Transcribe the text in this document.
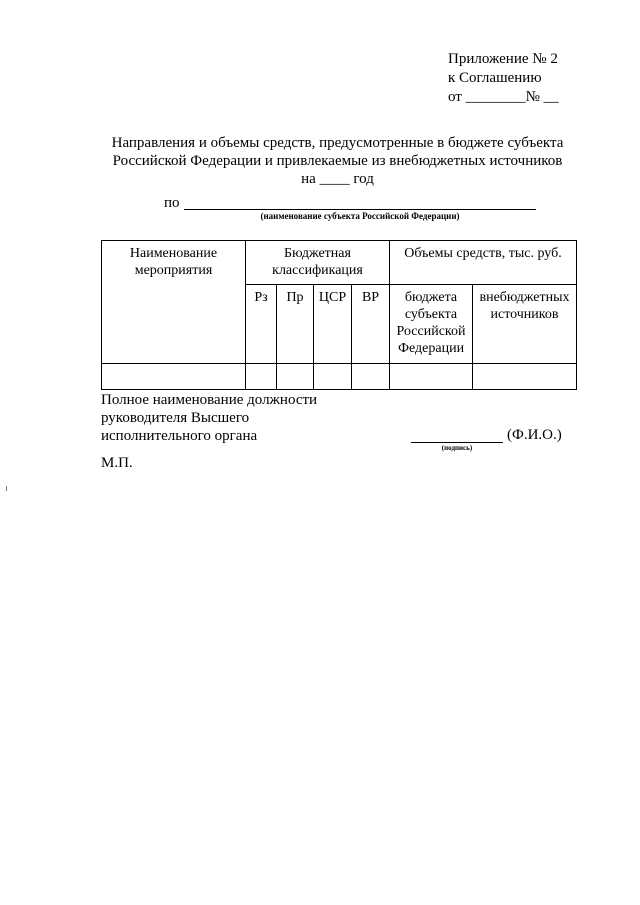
Приложение № 2
к Соглашению
от ________№ __
Направления и объемы средств, предусмотренные в бюджете субъекта
Российской Федерации и привлекаемые из внебюджетных источников
на ____ год
по
(наименование субъекта Российской Федерации)
Наименование мероприятия	Бюджетная классификация				Объемы средств, тыс. руб.	
	Рз	Пр	ЦСР	ВР	бюджета субъекта Российской Федерации	внебюджетных источников

Полное наименование должности
руководителя Высшего
исполнительного органа
(подпись)
(Ф.И.О.)
М.П.
